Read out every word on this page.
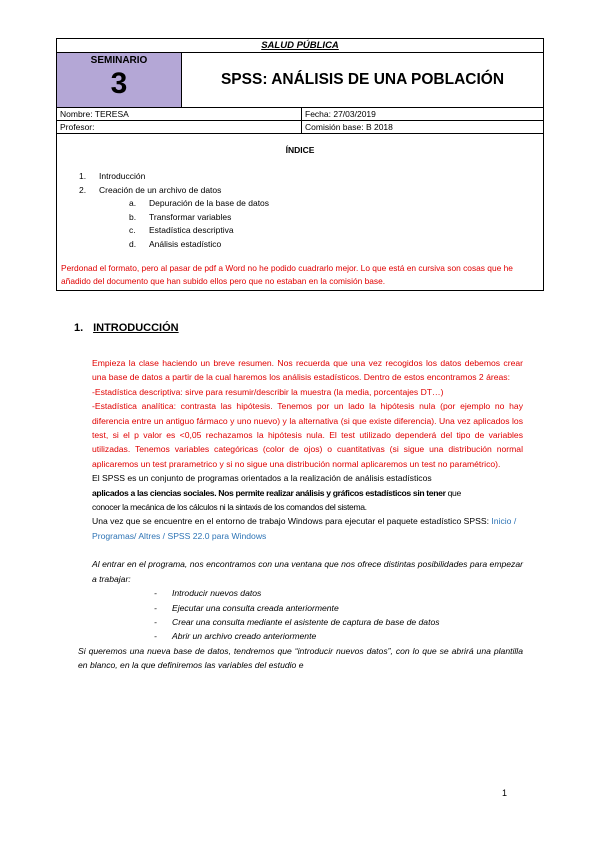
SALUD PÚBLICA
SEMINARIO
3	SPSS: ANÁLISIS DE UNA POBLACIÓN
Nombre: TERESA	Fecha: 27/03/2019
Profesor:	Comisión base: B 2018
ÍNDICE
1. Introducción
2. Creación de un archivo de datos
a. Depuración de la base de datos
b. Transformar variables
c. Estadística descriptiva
d. Análisis estadístico
Perdonad el formato, pero al pasar de pdf a Word no he podido cuadrarlo mejor. Lo que está en cursiva son cosas que he añadido del documento que han subido ellos pero que no estaban en la comisión base.
1. INTRODUCCIÓN

Empieza la clase haciendo un breve resumen. Nos recuerda que una vez recogidos los datos debemos crear una base de datos a partir de la cual haremos los análisis estadísticos. Dentro de estos encontramos 2 áreas:

-Estadística descriptiva: sirve para resumir/describir la muestra (la media, porcentajes DT…)

-Estadística analítica: contrasta las hipótesis. Tenemos por un lado la hipótesis nula (por ejemplo no hay diferencia entre un antiguo fármaco y uno nuevo) y la alternativa (si que existe diferencia). Una vez aplicados los test, si el p valor es <0,05 rechazamos la hipótesis nula. El test utilizado dependerá del tipo de variables utilizadas. Tenemos variables categóricas (color de ojos) o cuantitativas (si sigue una distribución normal aplicaremos un test prarametrico y si no sigue una distribución normal aplicaremos un test no paramétrico).

El SPSS es un conjunto de programas orientados a la realización de análisis estadísticos

aplicados a las ciencias sociales. Nos permite realizar análisis y gráficos estadísticos sin tener que

conocer la mecánica de los cálculos ni la sintaxis de los comandos del sistema.

Una vez que se encuentre en el entorno de trabajo Windows para ejecutar el paquete estadístico SPSS: Inicio / Programas/ Altres / SPSS 22.0 para Windows

Al entrar en el programa, nos encontramos con una ventana que nos ofrece distintas posibilidades para empezar a trabajar:

- Introducir nuevos datos
- Ejecutar una consulta creada anteriormente
- Crear una consulta mediante el asistente de captura de base de datos
- Abrir un archivo creado anteriormente

Si queremos una nueva base de datos, tendremos que “introducir nuevos datos”, con lo que se abrirá una plantilla en blanco, en la que definiremos las variables del estudio e

1
